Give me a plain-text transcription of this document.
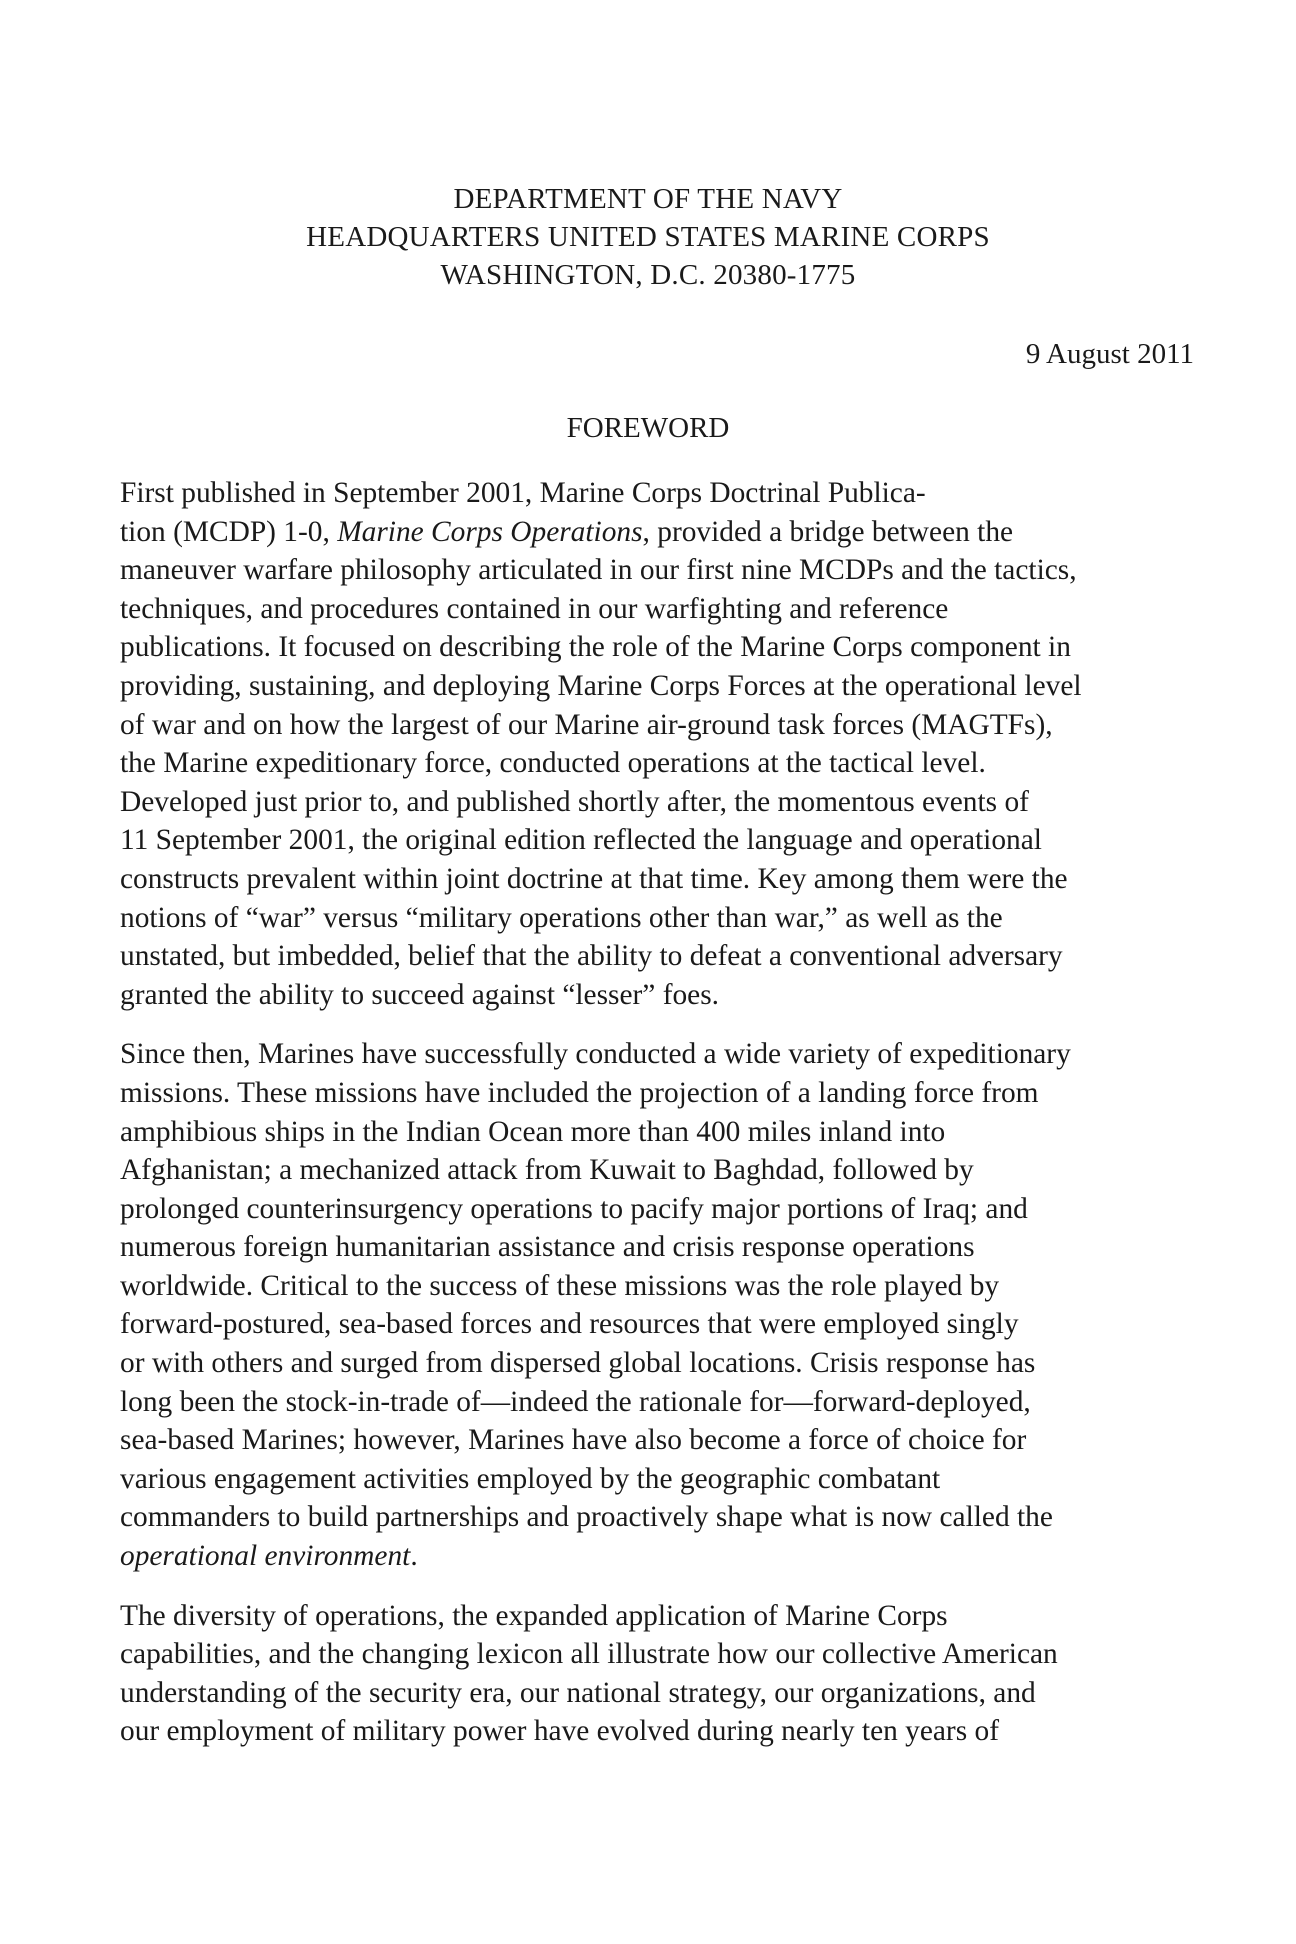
DEPARTMENT OF THE NAVY
HEADQUARTERS UNITED STATES MARINE CORPS
WASHINGTON, D.C. 20380-1775
9 August 2011
FOREWORD

First published in September 2001, Marine Corps Doctrinal Publica-
tion (MCDP) 1-0, Marine Corps Operations, provided a bridge between the
maneuver warfare philosophy articulated in our first nine MCDPs and the tactics,
techniques, and procedures contained in our warfighting and reference
publications. It focused on describing the role of the Marine Corps component in
providing, sustaining, and deploying Marine Corps Forces at the operational level
of war and on how the largest of our Marine air-ground task forces (MAGTFs),
the Marine expeditionary force, conducted operations at the tactical level.
Developed just prior to, and published shortly after, the momentous events of
11 September 2001, the original edition reflected the language and operational
constructs prevalent within joint doctrine at that time. Key among them were the
notions of “war” versus “military operations other than war,” as well as the
unstated, but imbedded, belief that the ability to defeat a conventional adversary
granted the ability to succeed against “lesser” foes.

Since then, Marines have successfully conducted a wide variety of expeditionary
missions. These missions have included the projection of a landing force from
amphibious ships in the Indian Ocean more than 400 miles inland into
Afghanistan; a mechanized attack from Kuwait to Baghdad, followed by
prolonged counterinsurgency operations to pacify major portions of Iraq; and
numerous foreign humanitarian assistance and crisis response operations
worldwide. Critical to the success of these missions was the role played by
forward-postured, sea-based forces and resources that were employed singly
or with others and surged from dispersed global locations. Crisis response has
long been the stock-in-trade of—indeed the rationale for—forward-deployed,
sea-based Marines; however, Marines have also become a force of choice for
various engagement activities employed by the geographic combatant
commanders to build partnerships and proactively shape what is now called the
operational environment.

The diversity of operations, the expanded application of Marine Corps
capabilities, and the changing lexicon all illustrate how our collective American
understanding of the security era, our national strategy, our organizations, and
our employment of military power have evolved during nearly ten years of
